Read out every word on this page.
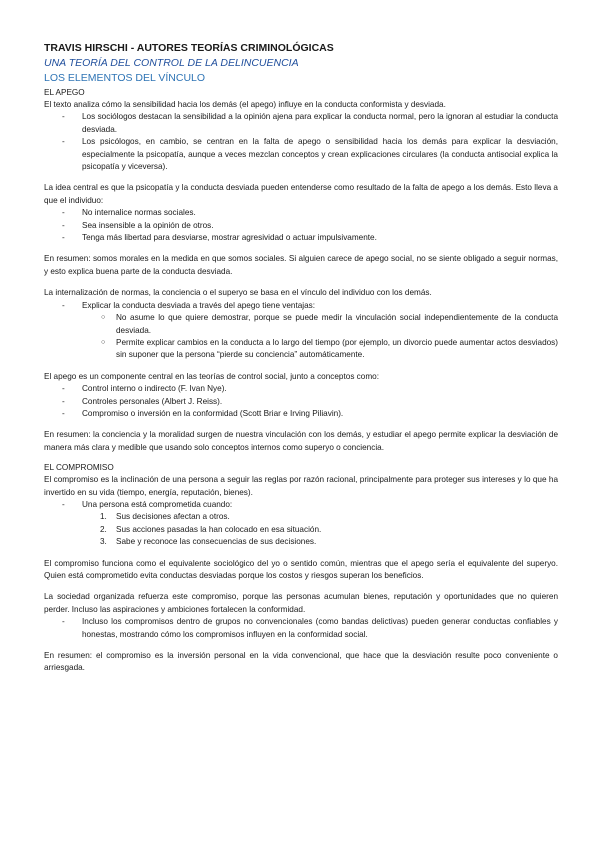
TRAVIS HIRSCHI - AUTORES TEORÍAS CRIMINOLÓGICAS
UNA TEORÍA DEL CONTROL DE LA DELINCUENCIA
LOS ELEMENTOS DEL VÍNCULO
EL APEGO

El texto analiza cómo la sensibilidad hacia los demás (el apego) influye en la conducta conformista y desviada.

- Los sociólogos destacan la sensibilidad a la opinión ajena para explicar la conducta normal, pero la ignoran al estudiar la conducta desviada.
- Los psicólogos, en cambio, se centran en la falta de apego o sensibilidad hacia los demás para explicar la desviación, especialmente la psicopatía, aunque a veces mezclan conceptos y crean explicaciones circulares (la conducta antisocial explica la psicopatía y viceversa).

La idea central es que la psicopatía y la conducta desviada pueden entenderse como resultado de la falta de apego a los demás. Esto lleva a que el individuo:

- No internalice normas sociales.
- Sea insensible a la opinión de otros.
- Tenga más libertad para desviarse, mostrar agresividad o actuar impulsivamente.

En resumen: somos morales en la medida en que somos sociales. Si alguien carece de apego social, no se siente obligado a seguir normas, y esto explica buena parte de la conducta desviada.

La internalización de normas, la conciencia o el superyo se basa en el vínculo del individuo con los demás.

- Explicar la conducta desviada a través del apego tiene ventajas:
○ No asume lo que quiere demostrar, porque se puede medir la vinculación social independientemente de la conducta desviada.
○ Permite explicar cambios en la conducta a lo largo del tiempo (por ejemplo, un divorcio puede aumentar actos desviados) sin suponer que la persona “pierde su conciencia” automáticamente.

El apego es un componente central en las teorías de control social, junto a conceptos como:

- Control interno o indirecto (F. Ivan Nye).
- Controles personales (Albert J. Reiss).
- Compromiso o inversión en la conformidad (Scott Briar e Irving Piliavin).

En resumen: la conciencia y la moralidad surgen de nuestra vinculación con los demás, y estudiar el apego permite explicar la desviación de manera más clara y medible que usando solo conceptos internos como superyo o conciencia.

EL COMPROMISO

El compromiso es la inclinación de una persona a seguir las reglas por razón racional, principalmente para proteger sus intereses y lo que ha invertido en su vida (tiempo, energía, reputación, bienes).

- Una persona está comprometida cuando:
1. Sus decisiones afectan a otros.
2. Sus acciones pasadas la han colocado en esa situación.
3. Sabe y reconoce las consecuencias de sus decisiones.

El compromiso funciona como el equivalente sociológico del yo o sentido común, mientras que el apego sería el equivalente del superyo. Quien está comprometido evita conductas desviadas porque los costos y riesgos superan los beneficios.

La sociedad organizada refuerza este compromiso, porque las personas acumulan bienes, reputación y oportunidades que no quieren perder. Incluso las aspiraciones y ambiciones fortalecen la conformidad.

- Incluso los compromisos dentro de grupos no convencionales (como bandas delictivas) pueden generar conductas confiables y honestas, mostrando cómo los compromisos influyen en la conformidad social.

En resumen: el compromiso es la inversión personal en la vida convencional, que hace que la desviación resulte poco conveniente o arriesgada.
